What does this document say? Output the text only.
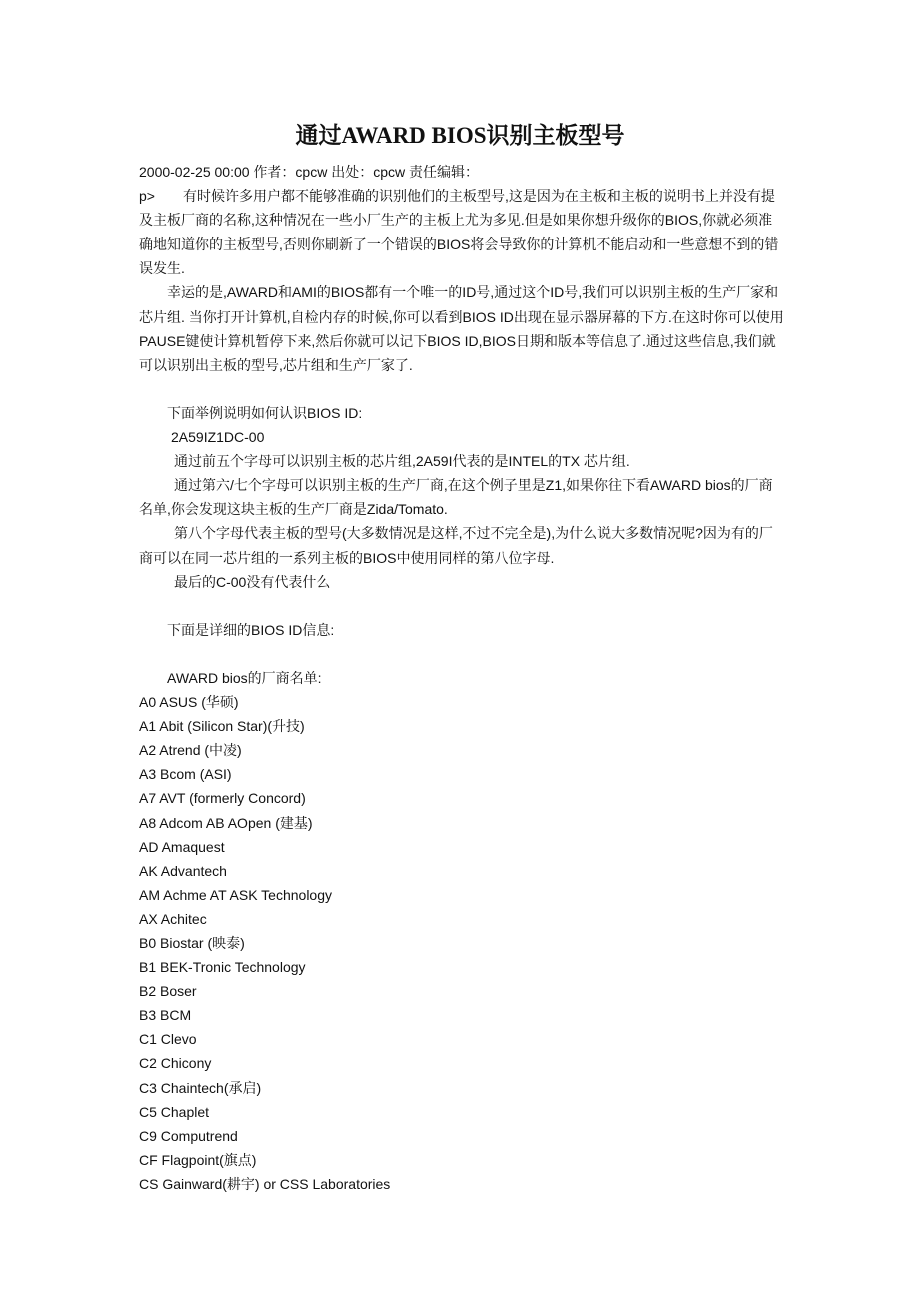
通过AWARD BIOS识别主板型号

2000-02-25 00:00 作者：cpcw 出处：cpcw 责任编辑：

p> 有时候许多用户都不能够准确的识别他们的主板型号,这是因为在主板和主板的说明书上并没有提及主板厂商的名称,这种情况在一些小厂生产的主板上尤为多见.但是如果你想升级你的BIOS,你就必须准确地知道你的主板型号,否则你刷新了一个错误的BIOS将会导致你的计算机不能启动和一些意想不到的错误发生.

幸运的是,AWARD和AMI的BIOS都有一个唯一的ID号,通过这个ID号,我们可以识别主板的生产厂家和芯片组. 当你打开计算机,自检内存的时候,你可以看到BIOS ID出现在显示器屏幕的下方.在这时你可以使用PAUSE键使计算机暂停下来,然后你就可以记下BIOS ID,BIOS日期和版本等信息了.通过这些信息,我们就可以识别出主板的型号,芯片组和生产厂家了.

下面举例说明如何认识BIOS ID:

2A59IZ1DC-00

通过前五个字母可以识别主板的芯片组,2A59I代表的是INTEL的TX 芯片组.

通过第六/七个字母可以识别主板的生产厂商,在这个例子里是Z1,如果你往下看AWARD bios的厂商名单,你会发现这块主板的生产厂商是Zida/Tomato.

第八个字母代表主板的型号(大多数情况是这样,不过不完全是),为什么说大多数情况呢?因为有的厂商可以在同一芯片组的一系列主板的BIOS中使用同样的第八位字母.

最后的C-00没有代表什么

下面是详细的BIOS ID信息:

AWARD bios的厂商名单:

A0 ASUS (华硕)
A1 Abit (Silicon Star)(升技)
A2 Atrend (中凌)
A3 Bcom (ASI)
A7 AVT (formerly Concord)
A8 Adcom AB AOpen (建基)
AD Amaquest
AK Advantech
AM Achme AT ASK Technology
AX Achitec
B0 Biostar (映泰)
B1 BEK-Tronic Technology
B2 Boser
B3 BCM
C1 Clevo
C2 Chicony
C3 Chaintech(承启)
C5 Chaplet
C9 Computrend
CF Flagpoint(旗点)
CS Gainward(耕宇) or CSS Laboratories
